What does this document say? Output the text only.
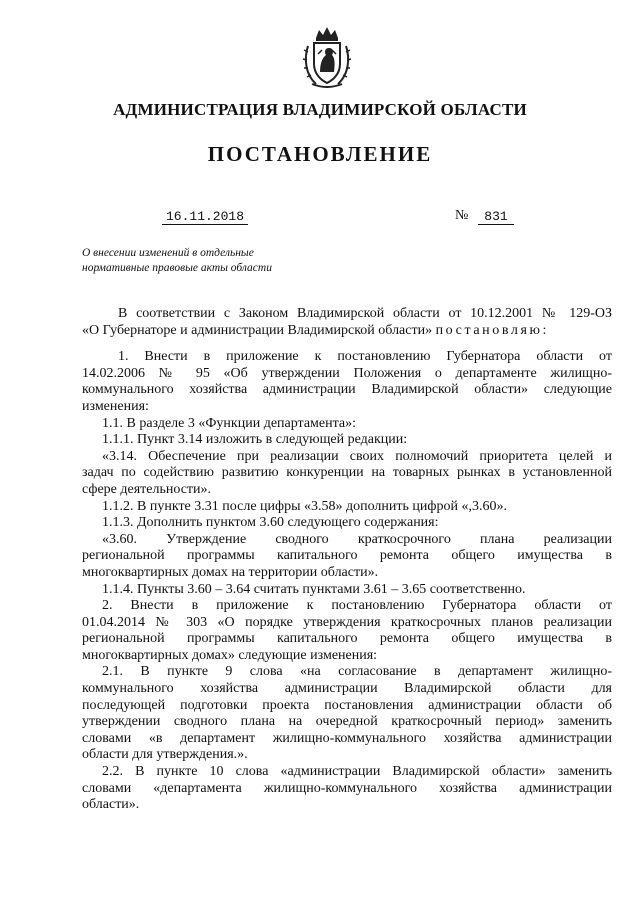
АДМИНИСТРАЦИЯ ВЛАДИМИРСКОЙ ОБЛАСТИ
ПОСТАНОВЛЕНИЕ
16.11.2018	№	831
О внесении изменений в отдельные
нормативные правовые акты области
В соответствии с Законом Владимирской области от 10.12.2001 № 129-ОЗ
«О Губернаторе и администрации Владимирской области» постановляю:
1. Внести в приложение к постановлению Губернатора области от
14.02.2006 № 95 «Об утверждении Положения о департаменте жилищно-
коммунального хозяйства администрации Владимирской области» следующие
изменения:
1.1. В разделе 3 «Функции департамента»:
1.1.1. Пункт 3.14 изложить в следующей редакции:
«3.14. Обеспечение при реализации своих полномочий приоритета целей и
задач по содействию развитию конкуренции на товарных рынках в установленной
сфере деятельности».
1.1.2. В пункте 3.31 после цифры «3.58» дополнить цифрой «,3.60».
1.1.3. Дополнить пунктом 3.60 следующего содержания:
«3.60. Утверждение сводного краткосрочного плана реализации
региональной программы капитального ремонта общего имущества в
многоквартирных домах на территории области».
1.1.4. Пункты 3.60 – 3.64 считать пунктами 3.61 – 3.65 соответственно.
2. Внести в приложение к постановлению Губернатора области от
01.04.2014 № 303 «О порядке утверждения краткосрочных планов реализации
региональной программы капитального ремонта общего имущества в
многоквартирных домах» следующие изменения:
2.1. В пункте 9 слова «на согласование в департамент жилищно-
коммунального хозяйства администрации Владимирской области для
последующей подготовки проекта постановления администрации области об
утверждении сводного плана на очередной краткосрочный период» заменить
словами «в департамент жилищно-коммунального хозяйства администрации
области для утверждения.».
2.2. В пункте 10 слова «администрации Владимирской области» заменить
словами «департамента жилищно-коммунального хозяйства администрации
области».
